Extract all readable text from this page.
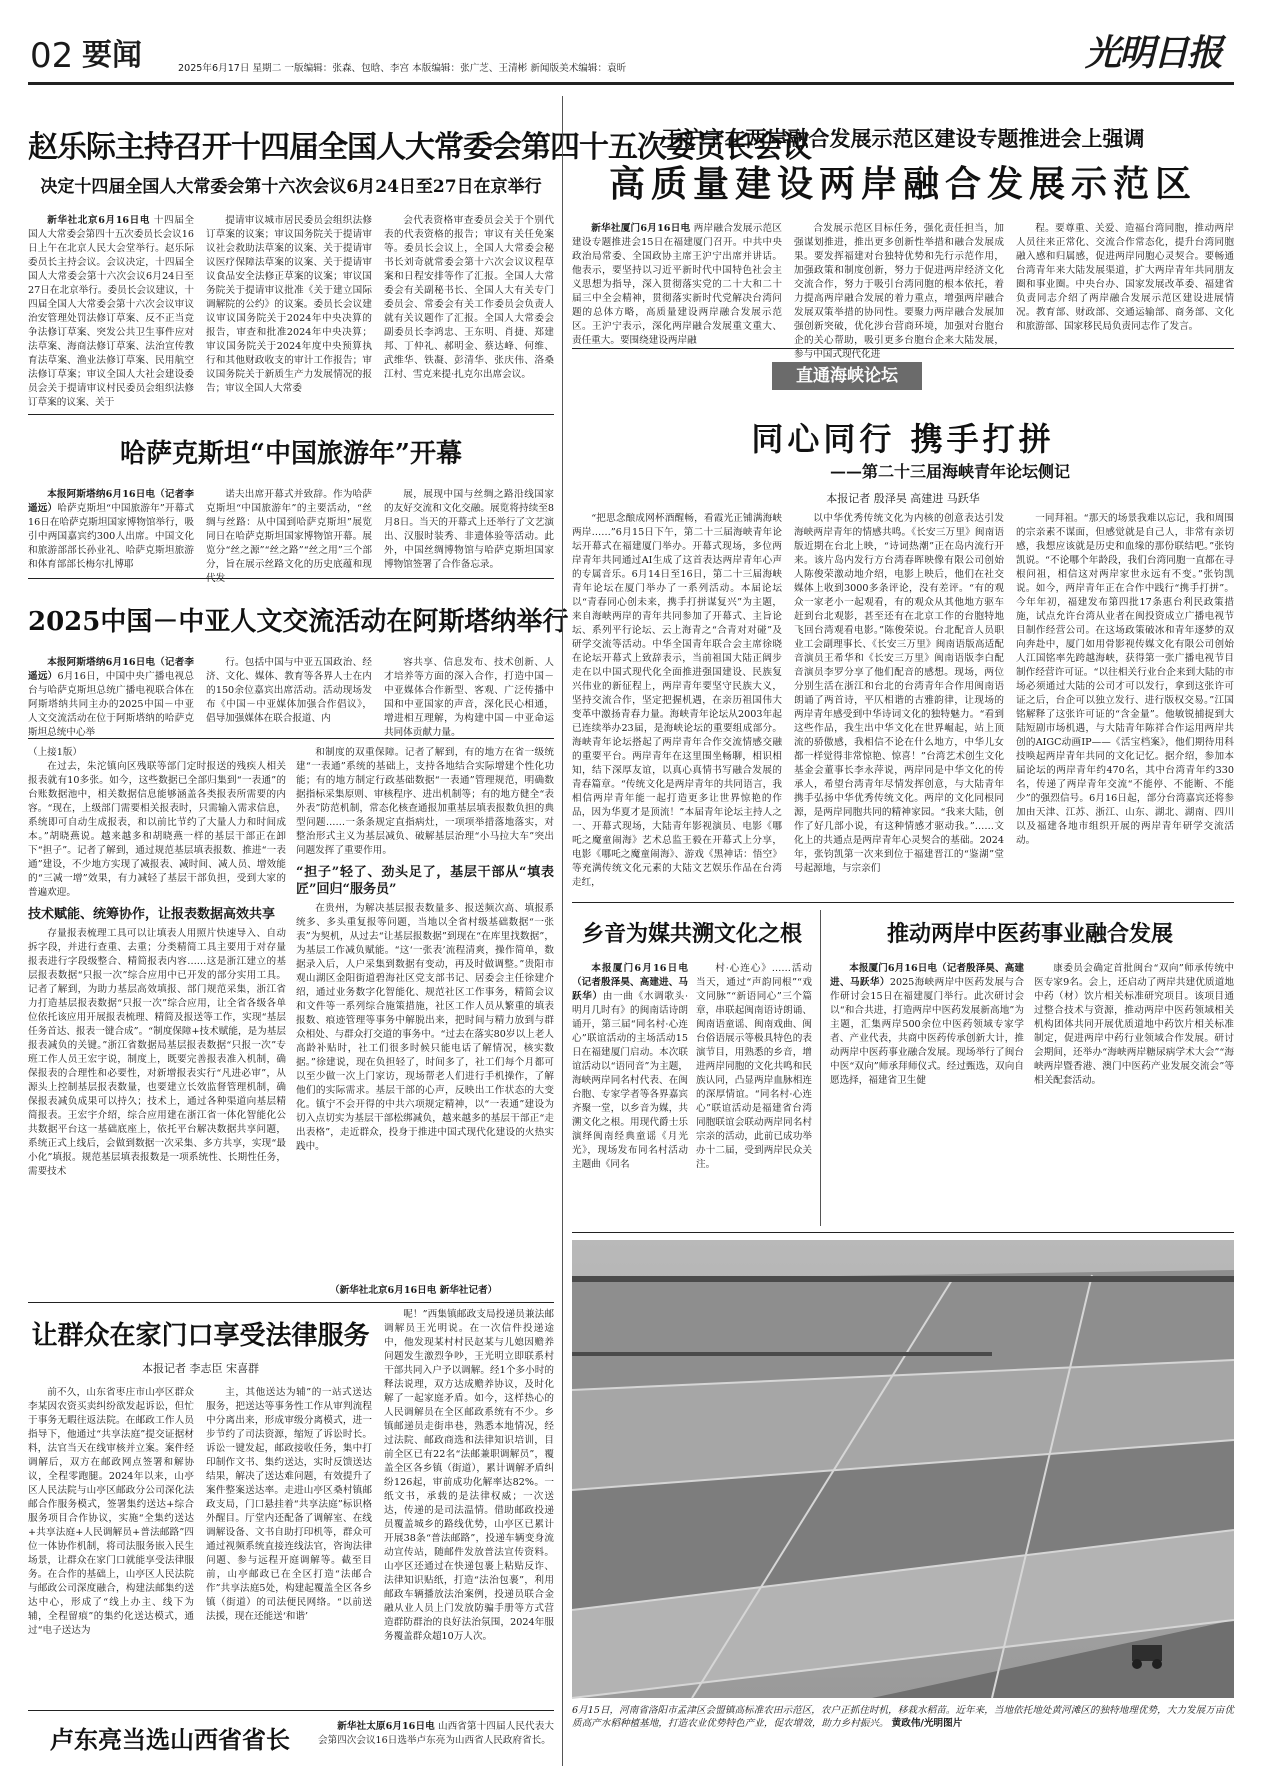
02 要闻	2025年6月17日 星期二 一版编辑：张森、包晗、李宫 本版编辑：张广芝、王清彬 新闻版美术编辑：袁昕	光明日报
赵乐际主持召开十四届全国人大常委会第四十五次委员长会议
决定十四届全国人大常委会第十六次会议6月24日至27日在京举行

新华社北京6月16日电 十四届全国人大常委会第四十五次委员长会议16日上午在北京人民大会堂举行。赵乐际委员长主持会议。会议决定，十四届全国人大常委会第十六次会议6月24日至27日在北京举行。委员长会议建议，十四届全国人大常委会第十六次会议审议治安管理处罚法修订草案、反不正当竞争法修订草案、突发公共卫生事件应对法草案、海商法修订草案、法治宣传教育法草案、渔业法修订草案、民用航空法修订草案；审议全国人大社会建设委员会关于提请审议村民委员会组织法修订草案的议案、关于

提请审议城市居民委员会组织法修订草案的议案；审议国务院关于提请审议社会救助法草案的议案、关于提请审议医疗保障法草案的议案、关于提请审议食品安全法修正草案的议案；审议国务院关于提请审议批准《关于建立国际调解院的公约》的议案。委员长会议建议审议国务院关于2024年中央决算的报告，审查和批准2024年中央决算；审议国务院关于2024年度中央预算执行和其他财政收支的审计工作报告；审议国务院关于新质生产力发展情况的报告；审议全国人大常委

会代表资格审查委员会关于个别代表的代表资格的报告；审议有关任免案等。委员长会议上，全国人大常委会秘书长刘奇就常委会第十六次会议议程草案和日程安排等作了汇报。全国人大常委会有关副秘书长、全国人大有关专门委员会、常委会有关工作委员会负责人就有关议题作了汇报。全国人大常委会副委员长李鸿忠、王东明、肖捷、郑建邦、丁仲礼、郝明金、蔡达峰、何维、武维华、铁凝、彭清华、张庆伟、洛桑江村、雪克来提·扎克尔出席会议。

哈萨克斯坦“中国旅游年”开幕

本报阿斯塔纳6月16日电（记者李遥远）哈萨克斯坦“中国旅游年”开幕式16日在哈萨克斯坦国家博物馆举行，吸引中两国嘉宾约300人出席。中国文化和旅游部部长孙业礼、哈萨克斯坦旅游和体育部部长梅尔扎博耶

诺夫出席开幕式并致辞。作为哈萨克斯坦“中国旅游年”的主要活动，“丝绸与丝路：从中国到哈萨克斯坦”展览同日在哈萨克斯坦国家博物馆开幕。展览分“丝之源”“丝之路”“丝之用”三个部分，旨在展示丝路文化的历史底蕴和现代发

展，展现中国与丝绸之路沿线国家的友好交流和文化交融。展览将持续至8月8日。当天的开幕式上还举行了文艺演出、汉服时装秀、非遗体验等活动。此外，中国丝绸博物馆与哈萨克斯坦国家博物馆签署了合作备忘录。

2025中国－中亚人文交流活动在阿斯塔纳举行

本报阿斯塔纳6月16日电（记者李遥远）6月16日，中国中央广播电视总台与哈萨克斯坦总统广播电视联合体在阿斯塔纳共同主办的2025中国－中亚人文交流活动在位于阿斯塔纳的哈萨克斯坦总统中心举

行。包括中国与中亚五国政治、经济、文化、媒体、教育等各界人士在内的150余位嘉宾出席活动。活动现场发布《中国－中亚媒体加强合作倡议》，倡导加强媒体在联合报道、内

容共享、信息发布、技术创新、人才培养等方面的深入合作，打造中国－中亚媒体合作新型、客观、广泛传播中国和中亚国家的声音，深化民心相通，增进相互理解，为构建中国－中亚命运共同体贡献力量。

（上接1版）

在过去，朱沱镇向区残联等部门定时报送的残疾人相关报表就有10多张。如今，这些数据已全部归集到“一表通”的台账数据池中，相关数据信息能够涵盖各类报表所需要的内容。“现在，上级部门需要相关报表时，只需输入需求信息，系统即可自动生成报表，和以前比节约了大量人力和时间成本。”胡晓燕说。越来越多和胡晓燕一样的基层干部正在卸下“担子”。记者了解到，通过规范基层填表报数、推进“一表通”建设，不少地方实现了减报表、减时间、减人员、增效能的“三减一增”效果，有力减轻了基层干部负担，受到大家的普遍欢迎。

技术赋能、统筹协作，让报表数据高效共享

存量报表梳理工具可以让填表人用照片快速导入、自动拆字段，并进行查重、去重；分类精简工具主要用于对存量报表进行字段级整合、精简报表内容……这是浙江建立的基层报表数据“只报一次”综合应用中已开发的部分实用工具。记者了解到，为助力基层高效填报、部门规范采集，浙江省力打造基层报表数据“只报一次”综合应用，让全省各级各单位依托该应用开展报表梳理、精简及报送等工作，实现“基层任务首达、报表一键合成”。“制度保障+技术赋能，是为基层报表减负的关键。”浙江省数据局基层报表数据“只报一次”专班工作人员王宏宇说，制度上，既要完善报表准入机制，确保报表的合理性和必要性，对新增报表实行“凡进必审”，从源头上控制基层报表数量，也要建立长效监督管理机制，确保报表减负成果可以持久；技术上，通过各种渠道向基层精简报表。王宏宇介绍，综合应用建在浙江省一体化智能化公共数据平台这一基础底座上，依托平台解决数据共享问题，系统正式上线后，会做到数据一次采集、多方共享，实现“最小化”填报。规范基层填表报数是一项系统性、长期性任务，需要技术

和制度的双重保障。记者了解到，有的地方在省一级统建“一表通”系统的基础上，支持各地结合实际增建个性化功能；有的地方制定行政基础数据“一表通”管理规范，明确数据指标采集原则、审核程序、进出机制等；有的地方健全“表外表”防范机制，常态化核查通报加重基层填表报数负担的典型问题……一条条规定直指病灶，一项项举措落地落实，对整治形式主义为基层减负、破解基层治理“小马拉大车”突出问题发挥了重要作用。

“担子”轻了、劲头足了，基层干部从“填表匠”回归“服务员”

在贵州，为解决基层报表数量多、报送频次高、填报系统多、多头重复报等问题，当地以全省村级基础数据“一张表”为契机，从过去“让基层报数据”到现在“在库里找数据”，为基层工作减负赋能。“这‘一张表’流程清爽，操作简单，数据录入后，人户采集到数据有变动，再及时做调整。”贵阳市观山湖区金阳街道碧海社区党支部书记、居委会主任徐建介绍，通过业务数字化智能化、规范社区工作事务，精简会议和文件等一系列综合施策措施，社区工作人员从繁重的填表报数、痕迹管理等事务中解脱出来，把时间与精力放到与群众相处、与群众打交道的事务中。“过去在落实80岁以上老人高龄补贴时，社工们很多时候只能电话了解情况，核实数据。”徐建说，现在负担轻了，时间多了，社工们每个月都可以至少做一次上门家访，现场帮老人们进行手机操作，了解他们的实际需求。基层干部的心声，反映出工作状态的大变化。镇宁不会开得的中共六项规定精神，以“一表通”建设为切入点切实为基层干部松绑减负，越来越多的基层干部正“走出表格”，走近群众，投身于推进中国式现代化建设的火热实践中。

（新华社北京6月16日电 新华社记者）
让群众在家门口享受法律服务
本报记者 李志臣 宋喜群

前不久，山东省枣庄市山亭区群众李某因农资买卖纠纷欲发起诉讼，但忙于事务无暇往返法院。在邮政工作人员指导下，他通过“共享法庭”提交证据材料，法官当天在线审核并立案。案件经调解后，双方在邮政网点签署和解协议，全程零跑腿。2024年以来，山亭区人民法院与山亭区邮政分公司深化法邮合作服务模式，签署集约送达+综合服务项目合作协议，实施“全集约送达+共享法庭+人民调解员+普法邮路”四位一体协作机制，将司法服务嵌入民生场景，让群众在家门口就能享受法律服务。在合作的基础上，山亭区人民法院与邮政公司深度融合，构建法邮集约送达中心，形成了“线上办主、线下为辅，全程留痕”的集约化送达模式，通过“电子送达为

主，其他送达为辅”的一站式送达服务，把送达等事务性工作从审判流程中分离出来，形成审级分离模式，进一步节约了司法资源，缩短了诉讼时长。诉讼一键发起，邮政接收任务，集中打印制作文书、集约送达，实时反馈送达结果，解决了送达难问题，有效提升了案件整案送达率。走进山亭区桑村镇邮政支局，门口悬挂着“共享法庭”标识格外醒目。厅堂内还配备了调解室、在线调解设备、文书自助打印机等，群众可通过视频系统直接连线法官，咨询法律问题、参与远程开庭调解等。截至目前，山亭邮政已在全区打造“法邮合作”共享法庭5处，构建起覆盖全区各乡镇（街道）的司法便民网络。“以前送法援，现在还能送‘和谐’

呢！”西集镇邮政支局投递员兼法邮调解员王光明说。在一次信件投递途中，他发现某村村民赵某与儿媳因赡养问题发生激烈争吵，王光明立即联系村干部共同入户予以调解。经1个多小时的释法说理，双方达成赡养协议，及时化解了一起家庭矛盾。如今，这样热心的人民调解员在全区邮政系统有不少。乡镇邮递员走街串巷，熟悉本地情况，经过法院、邮政商选和法律知识培训，目前全区已有22名“法邮兼职调解员”，覆盖全区各乡镇（街道），累计调解矛盾纠纷126起，审前成功化解率达82%。一纸文书，承载的是法律权威；一次送达，传递的是司法温情。借助邮政投递员覆盖城乡的路线优势，山亭区已累计开展38条“普法邮路”，投递车辆变身流动宣传站，随邮件发放普法宣传资料。山亭区还通过在快递包裹上粘贴反诈、法律知识贴纸，打造“法治包裹”，利用邮政车辆播放法治案例，投递员联合金融从业人员上门发放防骗手册等方式营造群防群治的良好法治氛围，2024年服务覆盖群众超10万人次。

卢东亮当选山西省省长	新华社太原6月16日电 山西省第十四届人民代表大会第四次会议16日选举卢东亮为山西省人民政府省长。

王沪宁在两岸融合发展示范区建设专题推进会上强调
高质量建设两岸融合发展示范区

新华社厦门6月16日电 两岸融合发展示范区建设专题推进会15日在福建厦门召开。中共中央政治局常委、全国政协主席王沪宁出席并讲话。他表示，要坚持以习近平新时代中国特色社会主义思想为指导，深入贯彻落实党的二十大和二十届三中全会精神，贯彻落实新时代党解决台湾问题的总体方略，高质量建设两岸融合发展示范区。王沪宁表示，深化两岸融合发展重文重大、责任重大。要围绕建设两岸融

合发展示范区目标任务，强化责任担当，加强谋划推进，推出更多创新性举措和融合发展成果。要发挥福建对台独特优势和先行示范作用，加强政策和制度创新，努力于促进两岸经济文化交流合作，努力于吸引台湾同胞的根本依托，着力提高两岸融合发展的着力重点，增强两岸融合发展双策举措的协同性。要聚力两岸融合发展加强创新突破，优化涉台营商环境，加强对台胞台企的关心帮助，吸引更多台胞台企来大陆发展，参与中国式现代化进

程。要尊重、关爱、造福台湾同胞，推动两岸人员往来正常化、交流合作常态化，提升台湾同胞融入感和归属感，促进两岸同胞心灵契合。要畅通台湾青年来大陆发展渠道，扩大两岸青年共同朋友圈和事业圈。中央台办、国家发展改革委、福建省负责同志介绍了两岸融合发展示范区建设进展情况。教育部、财政部、交通运输部、商务部、文化和旅游部、国家移民局负责同志作了发言。

直通海峡论坛
同心同行 携手打拼
——第二十三届海峡青年论坛侧记
本报记者 殷泽昊 高建进 马跃华

“把思念酿成网杯酒醒畅，看霞光正铺满海峡两岸……”6月15日下午，第二十三届海峡青年论坛开幕式在福建厦门举办。开幕式现场，多位两岸青年共同通过AI生成了这首表达两岸青年心声的专属音乐。6月14日至16日，第二十三届海峡青年论坛在厦门举办了一系列活动。本届论坛以“青春同心创未来，携手打拼谋复兴”为主题，来自海峡两岸的青年共同参加了开幕式、主旨论坛、系列平行论坛、云上海青之“合青对对碰”及研学交流等活动。中华全国青年联合会主席徐晓在论坛开幕式上致辞表示，当前祖国大陆正阔步走在以中国式现代化全面推进强国建设、民族复兴伟业的新征程上，两岸青年要坚守民族大义，坚持交流合作，坚定把握机遇，在亲历祖国伟大变革中激扬青春力量。海峡青年论坛从2003年起已连续举办23届，是海峡论坛的重要组成部分。海峡青年论坛搭起了两岸青年合作交流情感交融的重要平台。两岸青年在这里围坐畅聊，相识相知，结下深厚友谊，以真心真情书写融合发展的青春篇章。“传统文化是两岸青年的共同语言，我相信两岸青年能一起打造更多让世界惊艳的作品，因为华夏才是顶流！”本届青年论坛主持人之一、开幕式现场，大陆青年影视演员、电影《哪吒之魔童闹海》艺术总监王毅在开幕式上分享，电影《哪吒之魔童闹海》、游戏《黑神话：悟空》等充满传统文化元素的大陆文艺娱乐作品在台湾走红，

以中华优秀传统文化为内核的创意表达引发海峡两岸青年的情感共鸣。《长安三万里》闽南语版近期在台北上映，“诗词热潮”正在岛内流行开来。该片岛内发行方台湾春晖映像有限公司创始人陈俊荣激动地介绍，电影上映后，他们在社交媒体上收到3000多条评论，没有差评。“有的观众一家老小一起观看，有的观众从其他地方驱车赶到台北观影，甚至还有在北京工作的台胞特地飞回台湾观看电影。”陈俊荣说。台北配音人员职业工会副理事长、《长安三万里》闽南语版高适配音演员王希华和《长安三万里》闽南语版李白配音演员李罗分享了他们配音的感想。现场，两位分别生活在浙江和台北的台湾青年合作用闽南语朗诵了两首诗，平仄相谐的古雅韵律，让现场的两岸青年感受到中华诗词文化的独特魅力。“看到这些作品，我生出中华文化在世界崛起，站上顶流的骄傲感，我相信不论在什么地方，中华儿女都一样觉得非常惊艳、惊喜！”台湾艺术创生文化基金会董事长李永萍说，两岸同是中华文化的传承人，希望台湾青年尽情发挥创意，与大陆青年携手弘扬中华优秀传统文化。两岸的文化同根同源，是两岸同胞共同的精神家园。“我来大陆，创作了好几部小说，有这种情感才驱动我。”……文化上的共通点是两岸青年心灵契合的基础。2024年，张钧凯第一次来到位于福建晋江的“鉴湖”堂号起源地，与宗亲们

一同拜祖。“那天的场景我难以忘记，我和周围的宗亲素不谋面，但感觉就是自己人，非常有亲切感，我想应该就是历史和血缘的那份联结吧。”张钧凯说。“不论哪个年龄段，我们台湾同胞一直都在寻根问祖，相信这对两岸家世永远有不变。”张钧凯说。如今，两岸青年正在合作中践行“携手打拼”。今年年初，福建发布第四批17条惠台利民政策措施，试点允许台湾从业者在闽投资成立广播电视节目制作经营公司。在这场政策破冰和青年逐梦的双向奔赴中，厦门如用骨影视传媒文化有限公司创始人江国铭率先跨越海峡，获得第一张广播电视节目制作经营许可证。“以往相关行业台企来到大陆的市场必须通过大陆的公司才可以发行，拿到这张许可证之后，台企可以独立发行、进行版权交易。”江国铭解释了这张许可证的“含金量”。他敏锐捕捉到大陆短剧市场机遇，与大陆青年陈祥合作运用两岸共创的AIGC动画IP——《活宝档案》，他们期待用科技唤起两岸青年共同的文化记忆。据介绍，参加本届论坛的两岸青年约470名，其中台湾青年约330名，传递了两岸青年交流“不能停、不能断、不能少”的强烈信号。6月16日起，部分台湾嘉宾还将参加由天津、江苏、浙江、山东、湖北、湖南、四川以及福建各地市组织开展的两岸青年研学交流活动。

乡音为媒共溯文化之根

本报厦门6月16日电（记者殷泽昊、高建进、马跃华）由一曲《水调歌头·明月几时有》的闽南话诗朗诵开，第三届“同名村·心连心”联谊活动的主场活动15日在福建厦门启动。本次联谊活动以“语同音”为主题，海峡两岸同名村代表、在闽台胞、专家学者等各界嘉宾齐聚一堂，以乡音为媒，共溯文化之根。用现代爵士乐演绎闽南经典童谣《月光光》，现场发布同名村活动主题曲《同名

村·心连心》……活动当天，通过“声韵同根”“戏文同脉”“新语同心”三个篇章，串联起闽南语诗朗诵、闽南语童谣、闽南戏曲、闽台俗语展示等极具特色的表演节目，用熟悉的乡音，增进两岸同胞的文化共鸣和民族认同，凸显两岸血脉相连的深厚情谊。“同名村·心连心”联谊活动是福建省台湾同胞联谊会联动两岸同名村宗亲的活动，此前已成功举办十二届，受到两岸民众关注。

推动两岸中医药事业融合发展

本报厦门6月16日电（记者殷泽昊、高建进、马跃华）2025海峡两岸中医药发展与合作研讨会15日在福建厦门举行。此次研讨会以“和合共进，打造两岸中医药发展新高地”为主题，汇集两岸500余位中医药领域专家学者、产业代表，共商中医药传承创新大计，推动两岸中医药事业融合发展。现场举行了闽台中医“双向”师承拜师仪式。经过甄选，双向自愿选择，福建省卫生健

康委员会确定首批闽台“双向”师承传统中医专家9名。会上，还启动了两岸共建优质道地中药（材）饮片相关标准研究项目。该项目通过整合技术与资源，推动两岸中医药领域相关机构团体共同开展优质道地中药饮片相关标准制定，促进两岸中药行业领域合作发展。研讨会期间，还举办“海峡两岸糖尿病学术大会”“海峡两岸暨香港、澳门中医药产业发展交流会”等相关配套活动。

6月15日，河南省洛阳市孟津区会盟镇高标准农田示范区，农户正抓住时机，移栽水稻苗。近年来，当地依托地处黄河滩区的独特地理优势，大力发展万亩优质高产水稻种植基地，打造农业优势特色产业，促农增效，助力乡村振兴。 黄政伟/光明图片
